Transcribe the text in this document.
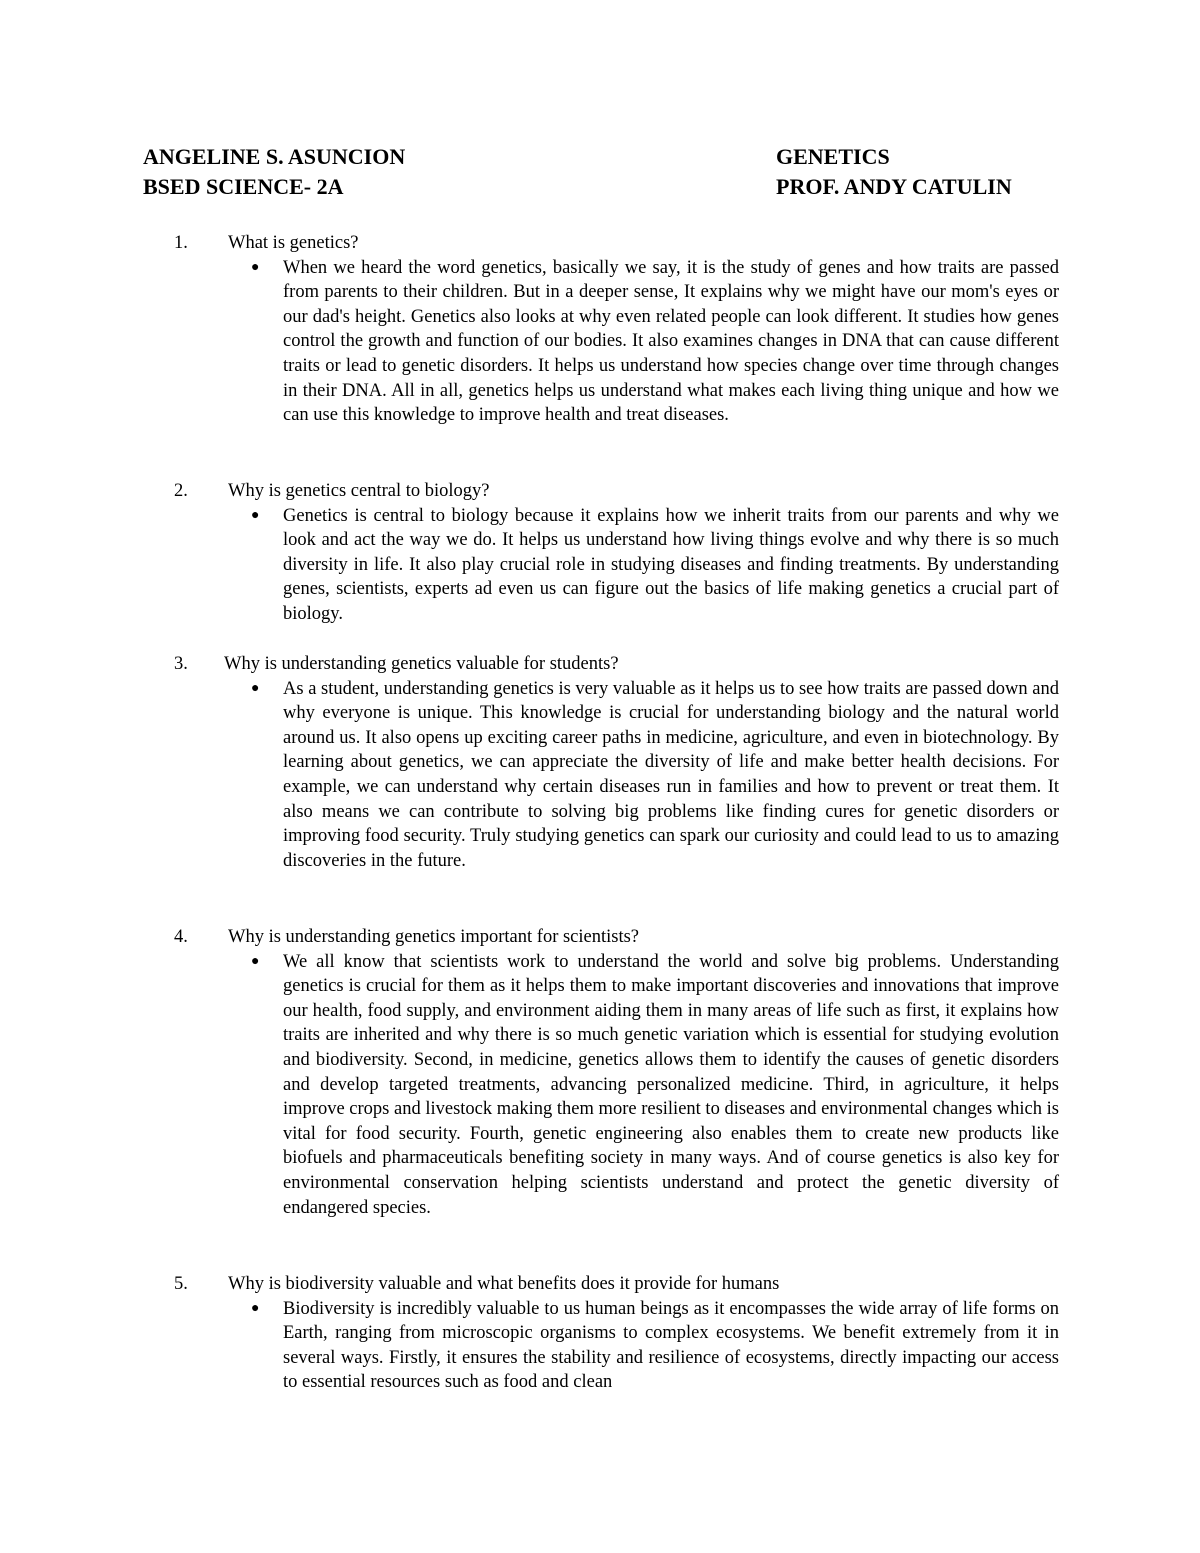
ANGELINE S. ASUNCION
BSED SCIENCE- 2A
GENETICS
PROF. ANDY CATULIN
1. What is genetics?
● When we heard the word genetics, basically we say, it is the study of genes and how traits are passed from parents to their children. But in a deeper sense, It explains why we might have our mom's eyes or our dad's height. Genetics also looks at why even related people can look different. It studies how genes control the growth and function of our bodies. It also examines changes in DNA that can cause different traits or lead to genetic disorders. It helps us understand how species change over time through changes in their DNA. All in all, genetics helps us understand what makes each living thing unique and how we can use this knowledge to improve health and treat diseases.
2. Why is genetics central to biology?
● Genetics is central to biology because it explains how we inherit traits from our parents and why we look and act the way we do. It helps us understand how living things evolve and why there is so much diversity in life. It also play crucial role in studying diseases and finding treatments. By understanding genes, scientists, experts ad even us can figure out the basics of life making genetics a crucial part of biology.
3. Why is understanding genetics valuable for students?
● As a student, understanding genetics is very valuable as it helps us to see how traits are passed down and why everyone is unique. This knowledge is crucial for understanding biology and the natural world around us. It also opens up exciting career paths in medicine, agriculture, and even in biotechnology. By learning about genetics, we can appreciate the diversity of life and make better health decisions. For example, we can understand why certain diseases run in families and how to prevent or treat them. It also means we can contribute to solving big problems like finding cures for genetic disorders or improving food security. Truly studying genetics can spark our curiosity and could lead to us to amazing discoveries in the future.
4. Why is understanding genetics important for scientists?
● We all know that scientists work to understand the world and solve big problems. Understanding genetics is crucial for them as it helps them to make important discoveries and innovations that improve our health, food supply, and environment aiding them in many areas of life such as first, it explains how traits are inherited and why there is so much genetic variation which is essential for studying evolution and biodiversity. Second, in medicine, genetics allows them to identify the causes of genetic disorders and develop targeted treatments, advancing personalized medicine. Third, in agriculture, it helps improve crops and livestock making them more resilient to diseases and environmental changes which is vital for food security. Fourth, genetic engineering also enables them to create new products like biofuels and pharmaceuticals benefiting society in many ways. And of course genetics is also key for environmental conservation helping scientists understand and protect the genetic diversity of endangered species.
5. Why is biodiversity valuable and what benefits does it provide for humans
● Biodiversity is incredibly valuable to us human beings as it encompasses the wide array of life forms on Earth, ranging from microscopic organisms to complex ecosystems. We benefit extremely from it in several ways. Firstly, it ensures the stability and resilience of ecosystems, directly impacting our access to essential resources such as food and clean
